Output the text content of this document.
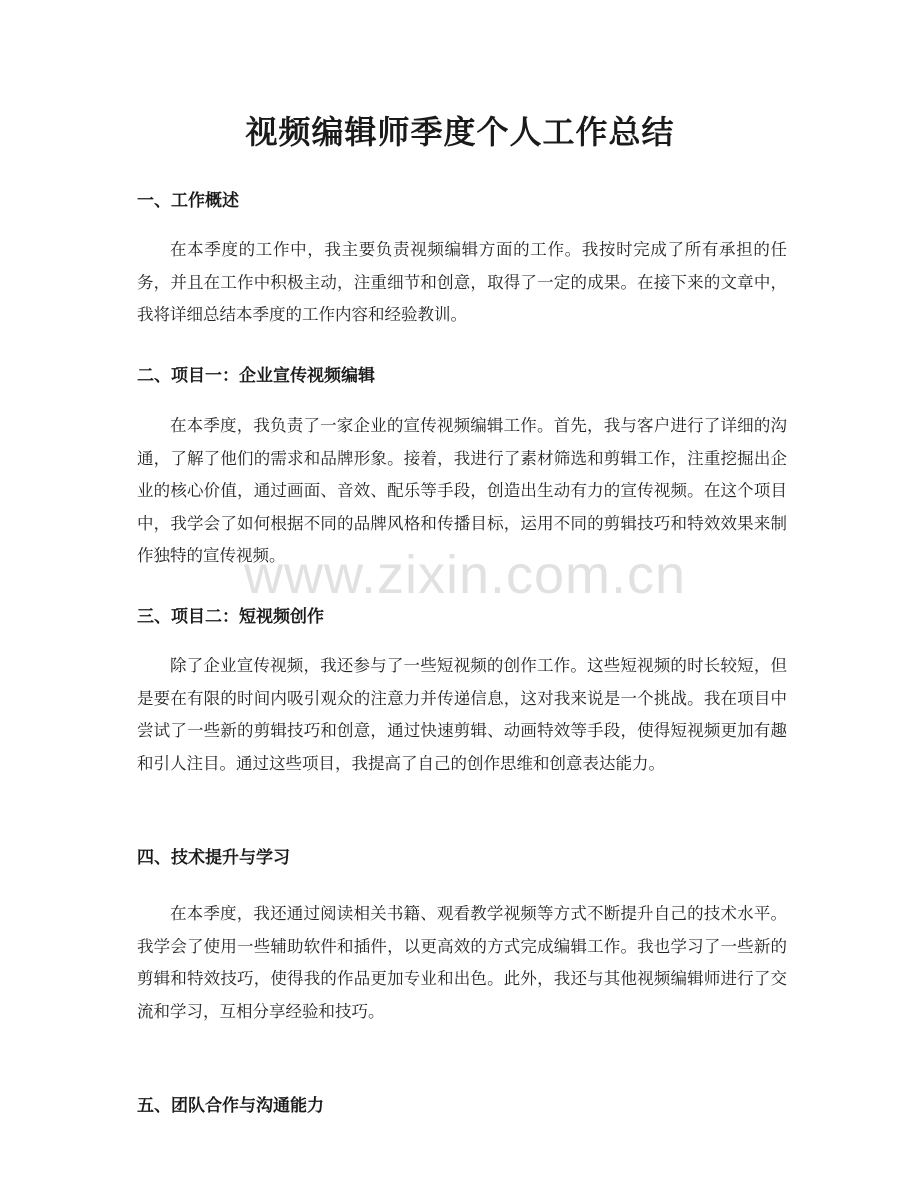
视频编辑师季度个人工作总结
一、工作概述

在本季度的工作中，我主要负责视频编辑方面的工作。我按时完成了所有承担的任务，并且在工作中积极主动，注重细节和创意，取得了一定的成果。在接下来的文章中，我将详细总结本季度的工作内容和经验教训。

二、项目一：企业宣传视频编辑

在本季度，我负责了一家企业的宣传视频编辑工作。首先，我与客户进行了详细的沟通，了解了他们的需求和品牌形象。接着，我进行了素材筛选和剪辑工作，注重挖掘出企业的核心价值，通过画面、音效、配乐等手段，创造出生动有力的宣传视频。在这个项目中，我学会了如何根据不同的品牌风格和传播目标，运用不同的剪辑技巧和特效效果来制作独特的宣传视频。

三、项目二：短视频创作

除了企业宣传视频，我还参与了一些短视频的创作工作。这些短视频的时长较短，但是要在有限的时间内吸引观众的注意力并传递信息，这对我来说是一个挑战。我在项目中尝试了一些新的剪辑技巧和创意，通过快速剪辑、动画特效等手段，使得短视频更加有趣和引人注目。通过这些项目，我提高了自己的创作思维和创意表达能力。

四、技术提升与学习

在本季度，我还通过阅读相关书籍、观看教学视频等方式不断提升自己的技术水平。我学会了使用一些辅助软件和插件，以更高效的方式完成编辑工作。我也学习了一些新的剪辑和特效技巧，使得我的作品更加专业和出色。此外，我还与其他视频编辑师进行了交流和学习，互相分享经验和技巧。

五、团队合作与沟通能力
www.zixin.com.cn
